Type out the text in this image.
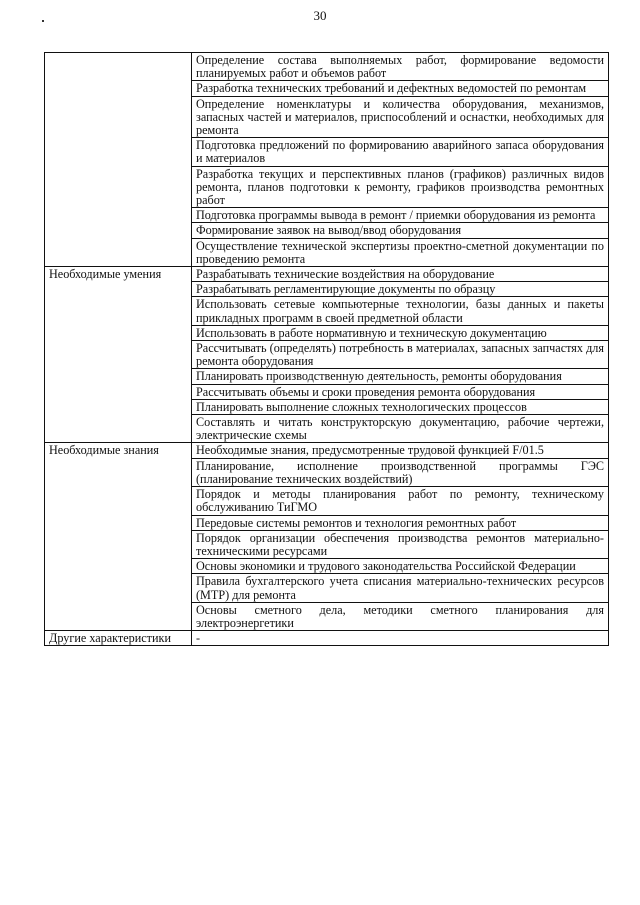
30
	Определение состава выполняемых работ, формирование ведомости планируемых работ и объемов работ
	Разработка технических требований и дефектных ведомостей по ремонтам
	Определение номенклатуры и количества оборудования, механизмов, запасных частей и материалов, приспособлений и оснастки, необходимых для ремонта
	Подготовка предложений по формированию аварийного запаса оборудования и материалов
	Разработка текущих и перспективных планов (графиков) различных видов ремонта, планов подготовки к ремонту, графиков производства ремонтных работ
	Подготовка программы вывода в ремонт / приемки оборудования из ремонта
	Формирование заявок на вывод/ввод оборудования
	Осуществление технической экспертизы проектно-сметной документации по проведению ремонта
Необходимые умения	Разрабатывать технические воздействия на оборудование
	Разрабатывать регламентирующие документы по образцу
	Использовать сетевые компьютерные технологии, базы данных и пакеты прикладных программ в своей предметной области
	Использовать в работе нормативную и техническую документацию
	Рассчитывать (определять) потребность в материалах, запасных запчастях для ремонта оборудования
	Планировать производственную деятельность, ремонты оборудования
	Рассчитывать объемы и сроки проведения ремонта оборудования
	Планировать выполнение сложных технологических процессов
	Составлять и читать конструкторскую документацию, рабочие чертежи, электрические схемы
Необходимые знания	Необходимые знания, предусмотренные трудовой функцией F/01.5
	Планирование, исполнение производственной программы ГЭС (планирование технических воздействий)
	Порядок и методы планирования работ по ремонту, техническому обслуживанию ТиГМО
	Передовые системы ремонтов и технология ремонтных работ
	Порядок организации обеспечения производства ремонтов материально-техническими ресурсами
	Основы экономики и трудового законодательства Российской Федерации
	Правила бухгалтерского учета списания материально-технических ресурсов (МТР) для ремонта
	Основы сметного дела, методики сметного планирования для электроэнергетики
Другие характеристики	-
